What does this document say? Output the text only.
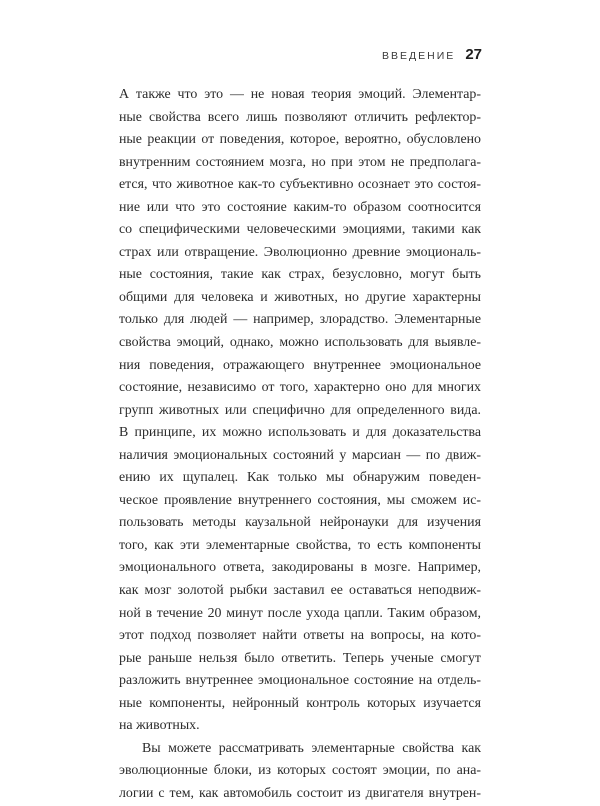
ВВЕДЕНИЕ 27
А также что это — не новая теория эмоций. Элементар-
ные свойства всего лишь позволяют отличить рефлектор-
ные реакции от поведения, которое, вероятно, обусловлено
внутренним состоянием мозга, но при этом не предполага-
ется, что животное как-то субъективно осознает это состоя-
ние или что это состояние каким-то образом соотносится
со специфическими человеческими эмоциями, такими как
страх или отвращение. Эволюционно древние эмоциональ-
ные состояния, такие как страх, безусловно, могут быть
общими для человека и животных, но другие характерны
только для людей — например, злорадство. Элементарные
свойства эмоций, однако, можно использовать для выявле-
ния поведения, отражающего внутреннее эмоциональное
состояние, независимо от того, характерно оно для многих
групп животных или специфично для определенного вида.
В принципе, их можно использовать и для доказательства
наличия эмоциональных состояний у марсиан — по движ-
ению их щупалец. Как только мы обнаружим поведен-
ческое проявление внутреннего состояния, мы сможем ис-
пользовать методы каузальной нейронауки для изучения
того, как эти элементарные свойства, то есть компоненты
эмоционального ответа, закодированы в мозге. Например,
как мозг золотой рыбки заставил ее оставаться неподвиж-
ной в течение 20 минут после ухода цапли. Таким образом,
этот подход позволяет найти ответы на вопросы, на кото-
рые раньше нельзя было ответить. Теперь ученые смогут
разложить внутреннее эмоциональное состояние на отдель-
ные компоненты, нейронный контроль которых изучается
на животных.
Вы можете рассматривать элементарные свойства как
эволюционные блоки, из которых состоят эмоции, по ана-
логии с тем, как автомобиль состоит из двигателя внутрен-
